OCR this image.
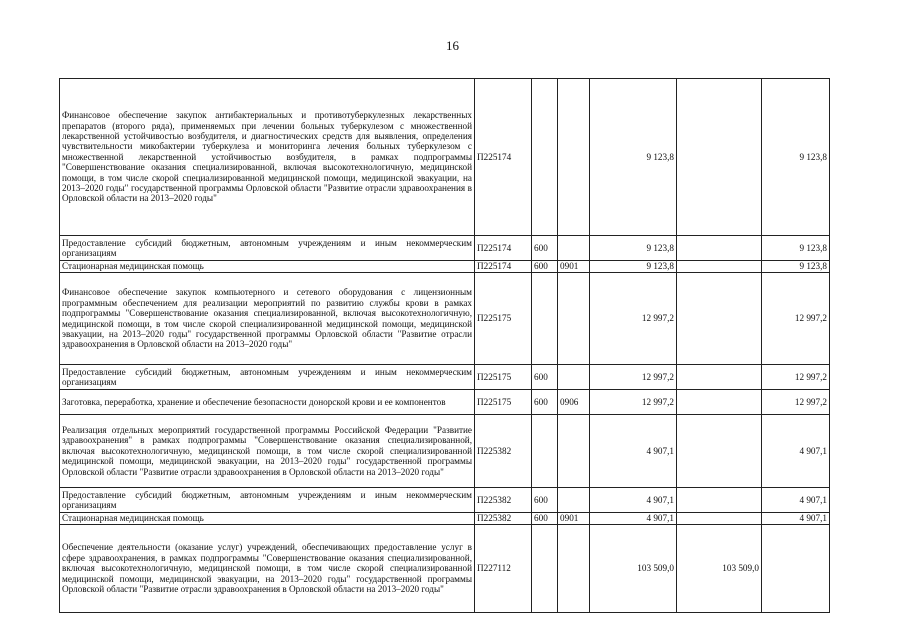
16
Финансовое обеспечение закупок антибактериальных и противотуберкулезных лекарственных препаратов (второго ряда), применяемых при лечении больных туберкулезом с множественной лекарственной устойчивостью возбудителя, и диагностических средств для выявления, определения чувствительности микобактерии туберкулеза и мониторинга лечения больных туберкулезом с множественной лекарственной устойчивостью возбудителя, в рамках подпрограммы "Совершенствование оказания специализированной, включая высокотехнологичную, медицинской помощи, в том числе скорой специализированной медицинской помощи, медицинской эвакуации, на 2013–2020 годы" государственной программы Орловской области "Развитие отрасли здравоохранения в Орловской области на 2013–2020 годы"	П225174			9 123,8		9 123,8
Предоставление субсидий бюджетным, автономным учреждениям и иным некоммерческим организациям	П225174	600		9 123,8		9 123,8
Стационарная медицинская помощь	П225174	600	0901	9 123,8		9 123,8
Финансовое обеспечение закупок компьютерного и сетевого оборудования с лицензионным программным обеспечением для реализации мероприятий по развитию службы крови в рамках подпрограммы "Совершенствование оказания специализированной, включая высокотехнологичную, медицинской помощи, в том числе скорой специализированной медицинской помощи, медицинской эвакуации, на 2013–2020 годы" государственной программы Орловской области "Развитие отрасли здравоохранения в Орловской области на 2013–2020 годы"	П225175			12 997,2		12 997,2
Предоставление субсидий бюджетным, автономным учреждениям и иным некоммерческим организациям	П225175	600		12 997,2		12 997,2
Заготовка, переработка, хранение и обеспечение безопасности донорской крови и ее компонентов	П225175	600	0906	12 997,2		12 997,2
Реализация отдельных мероприятий государственной программы Российской Федерации "Развитие здравоохранения" в рамках подпрограммы "Совершенствование оказания специализированной, включая высокотехнологичную, медицинской помощи, в том числе скорой специализированной медицинской помощи, медицинской эвакуации, на 2013–2020 годы" государственной программы Орловской области "Развитие отрасли здравоохранения в Орловской области на 2013–2020 годы"	П225382			4 907,1		4 907,1
Предоставление субсидий бюджетным, автономным учреждениям и иным некоммерческим организациям	П225382	600		4 907,1		4 907,1
Стационарная медицинская помощь	П225382	600	0901	4 907,1		4 907,1
Обеспечение деятельности (оказание услуг) учреждений, обеспечивающих предоставление услуг в сфере здравоохранения, в рамках подпрограммы "Совершенствование оказания специализированной, включая высокотехнологичную, медицинской помощи, в том числе скорой специализированной медицинской помощи, медицинской эвакуации, на 2013–2020 годы" государственной программы Орловской области "Развитие отрасли здравоохранения в Орловской области на 2013–2020 годы"	П227112			103 509,0	103 509,0	
